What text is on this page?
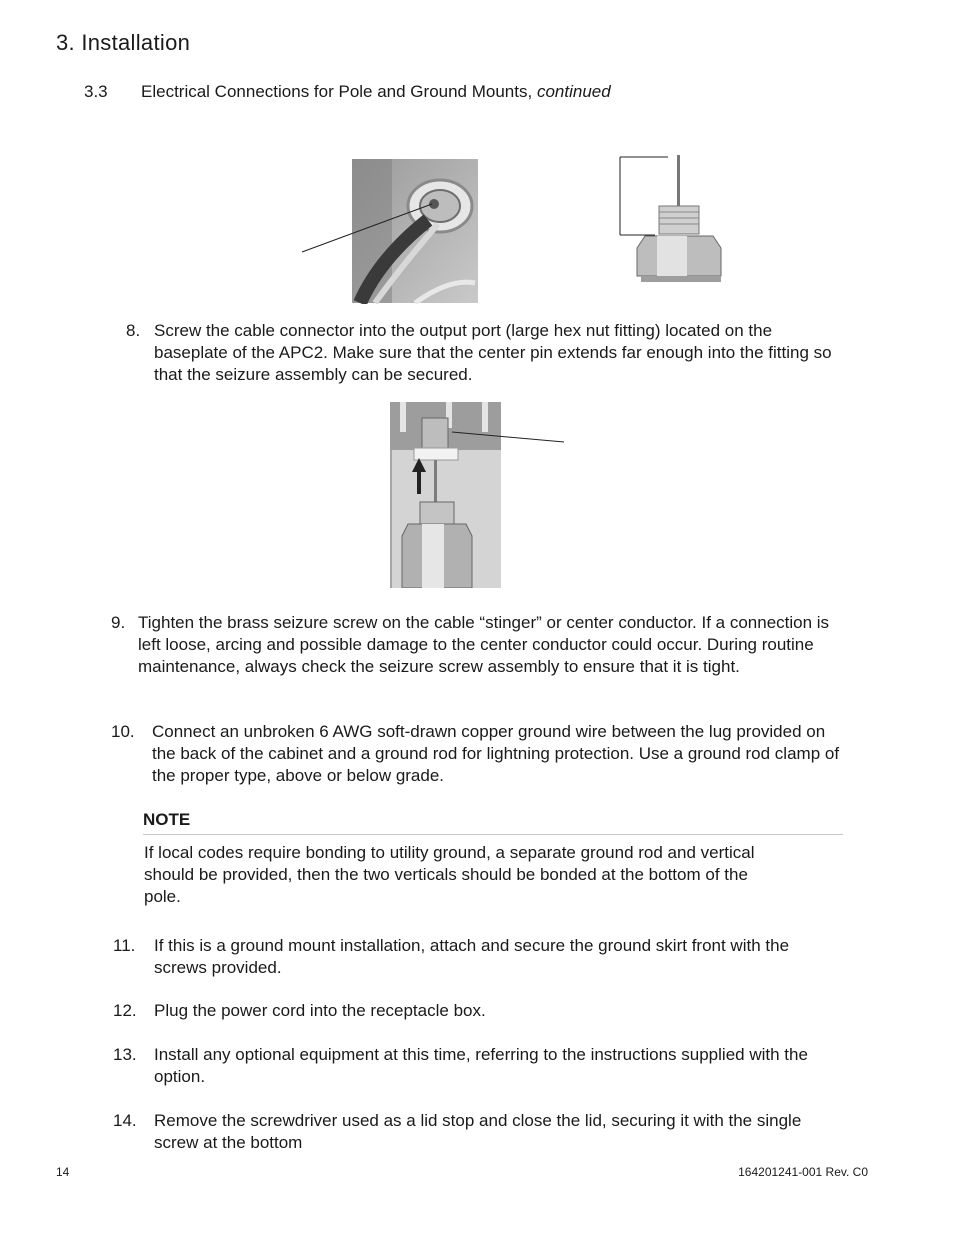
3. Installation
3.3 Electrical Connections for Pole and Ground Mounts, continued
8. Screw the cable connector into the output port (large hex nut fitting) located on the baseplate of the APC2. Make sure that the center pin extends far enough into the fitting so that the seizure assembly can be secured.
9. Tighten the brass seizure screw on the cable “stinger” or center conductor. If a connection is left loose, arcing and possible damage to the center conductor could occur. During routine maintenance, always check the seizure screw assembly to ensure that it is tight.
10. Connect an unbroken 6 AWG soft-drawn copper ground wire between the lug provided on the back of the cabinet and a ground rod for lightning protection. Use a ground rod clamp of the proper type, above or below grade.
NOTE
If local codes require bonding to utility ground, a separate ground rod and vertical should be provided, then the two verticals should be bonded at the bottom of the pole.
11. If this is a ground mount installation, attach and secure the ground skirt front with the screws provided.
12. Plug the power cord into the receptacle box.
13. Install any optional equipment at this time, referring to the instructions supplied with the option.
14. Remove the screwdriver used as a lid stop and close the lid, securing it with the single screw at the bottom
14	164201241-001 Rev. C0
